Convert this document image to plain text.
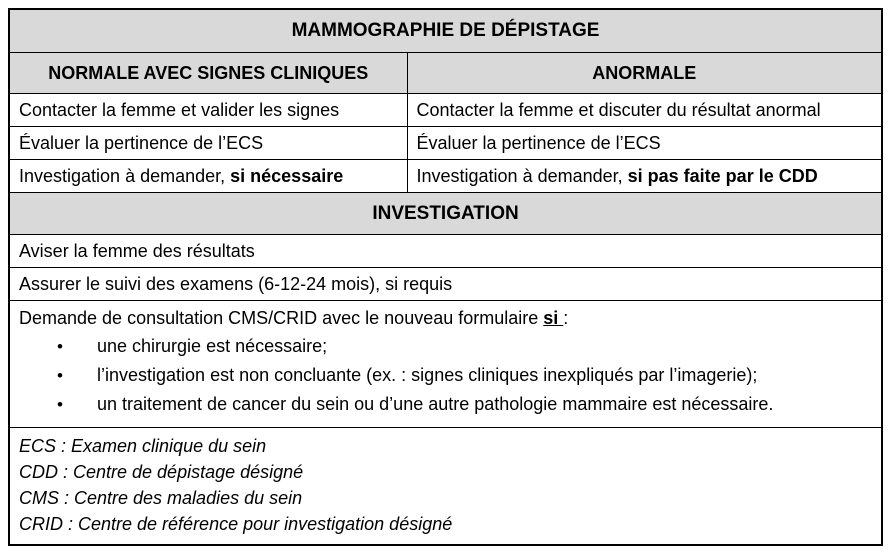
MAMMOGRAPHIE DE DÉPISTAGE	
NORMALE AVEC SIGNES CLINIQUES	ANORMALE
Contacter la femme et valider les signes	Contacter la femme et discuter du résultat anormal
Évaluer la pertinence de l’ECS	Évaluer la pertinence de l’ECS
Investigation à demander, si nécessaire	Investigation à demander, si pas faite par le CDD
INVESTIGATION	
Aviser la femme des résultats	
Assurer le suivi des examens (6-12-24 mois), si requis	

Demande de consultation CMS/CRID avec le nouveau formulaire si :
•	une chirurgie est nécessaire;
•	l’investigation est non concluante (ex. : signes cliniques inexpliqués par l’imagerie);
•	un traitement de cancer du sein ou d’une autre pathologie mammaire est nécessaire.

ECS : Examen clinique du sein
CDD : Centre de dépistage désigné
CMS : Centre des maladies du sein
CRID : Centre de référence pour investigation désigné	
